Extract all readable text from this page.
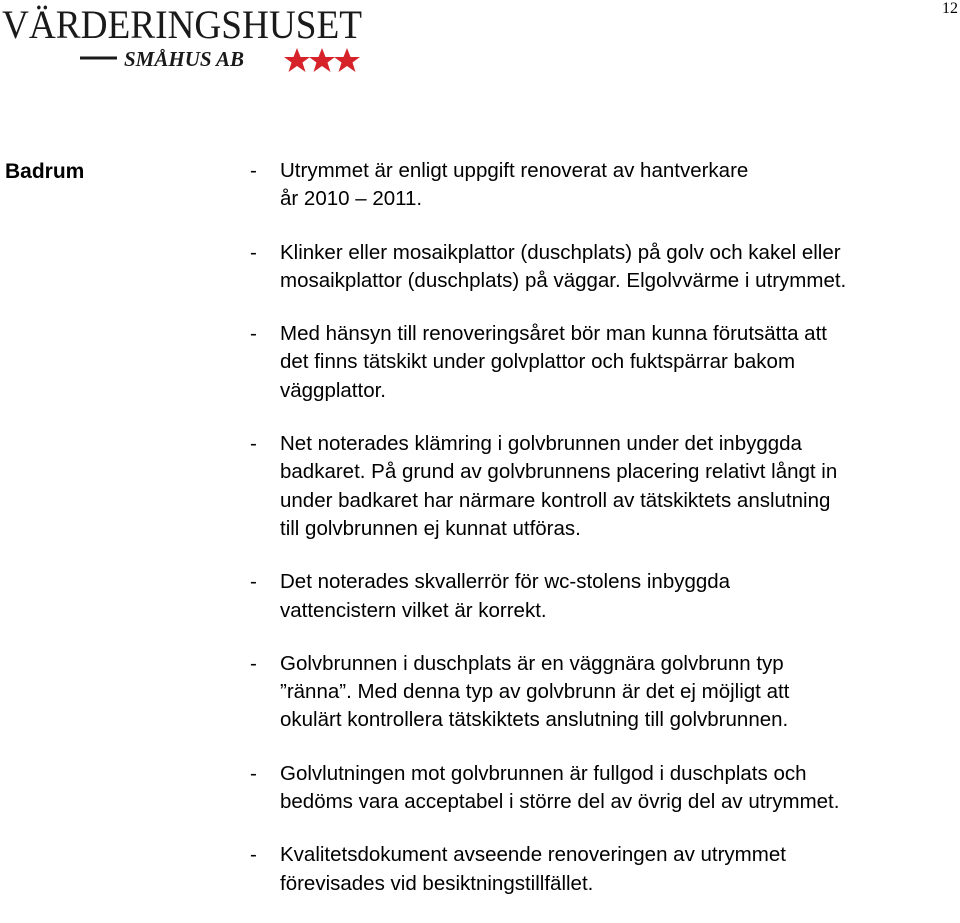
12
VÄRDERINGSHUSET
SMÅHUS AB
Badrum	- Utrymmet är enligt uppgift renoverat av hantverkare
år 2010 – 2011.
- Klinker eller mosaikplattor (duschplats) på golv och kakel eller
mosaikplattor (duschplats) på väggar. Elgolvvärme i utrymmet.
- Med hänsyn till renoveringsåret bör man kunna förutsätta att
det finns tätskikt under golvplattor och fuktspärrar bakom
väggplattor.
- Net noterades klämring i golvbrunnen under det inbyggda
badkaret. På grund av golvbrunnens placering relativt långt in
under badkaret har närmare kontroll av tätskiktets anslutning
till golvbrunnen ej kunnat utföras.
- Det noterades skvallerrör för wc-stolens inbyggda
vattencistern vilket är korrekt.
- Golvbrunnen i duschplats är en väggnära golvbrunn typ
”ränna”. Med denna typ av golvbrunn är det ej möjligt att
okulärt kontrollera tätskiktets anslutning till golvbrunnen.
- Golvlutningen mot golvbrunnen är fullgod i duschplats och
bedöms vara acceptabel i större del av övrig del av utrymmet.
- Kvalitetsdokument avseende renoveringen av utrymmet
förevisades vid besiktningstillfället.
